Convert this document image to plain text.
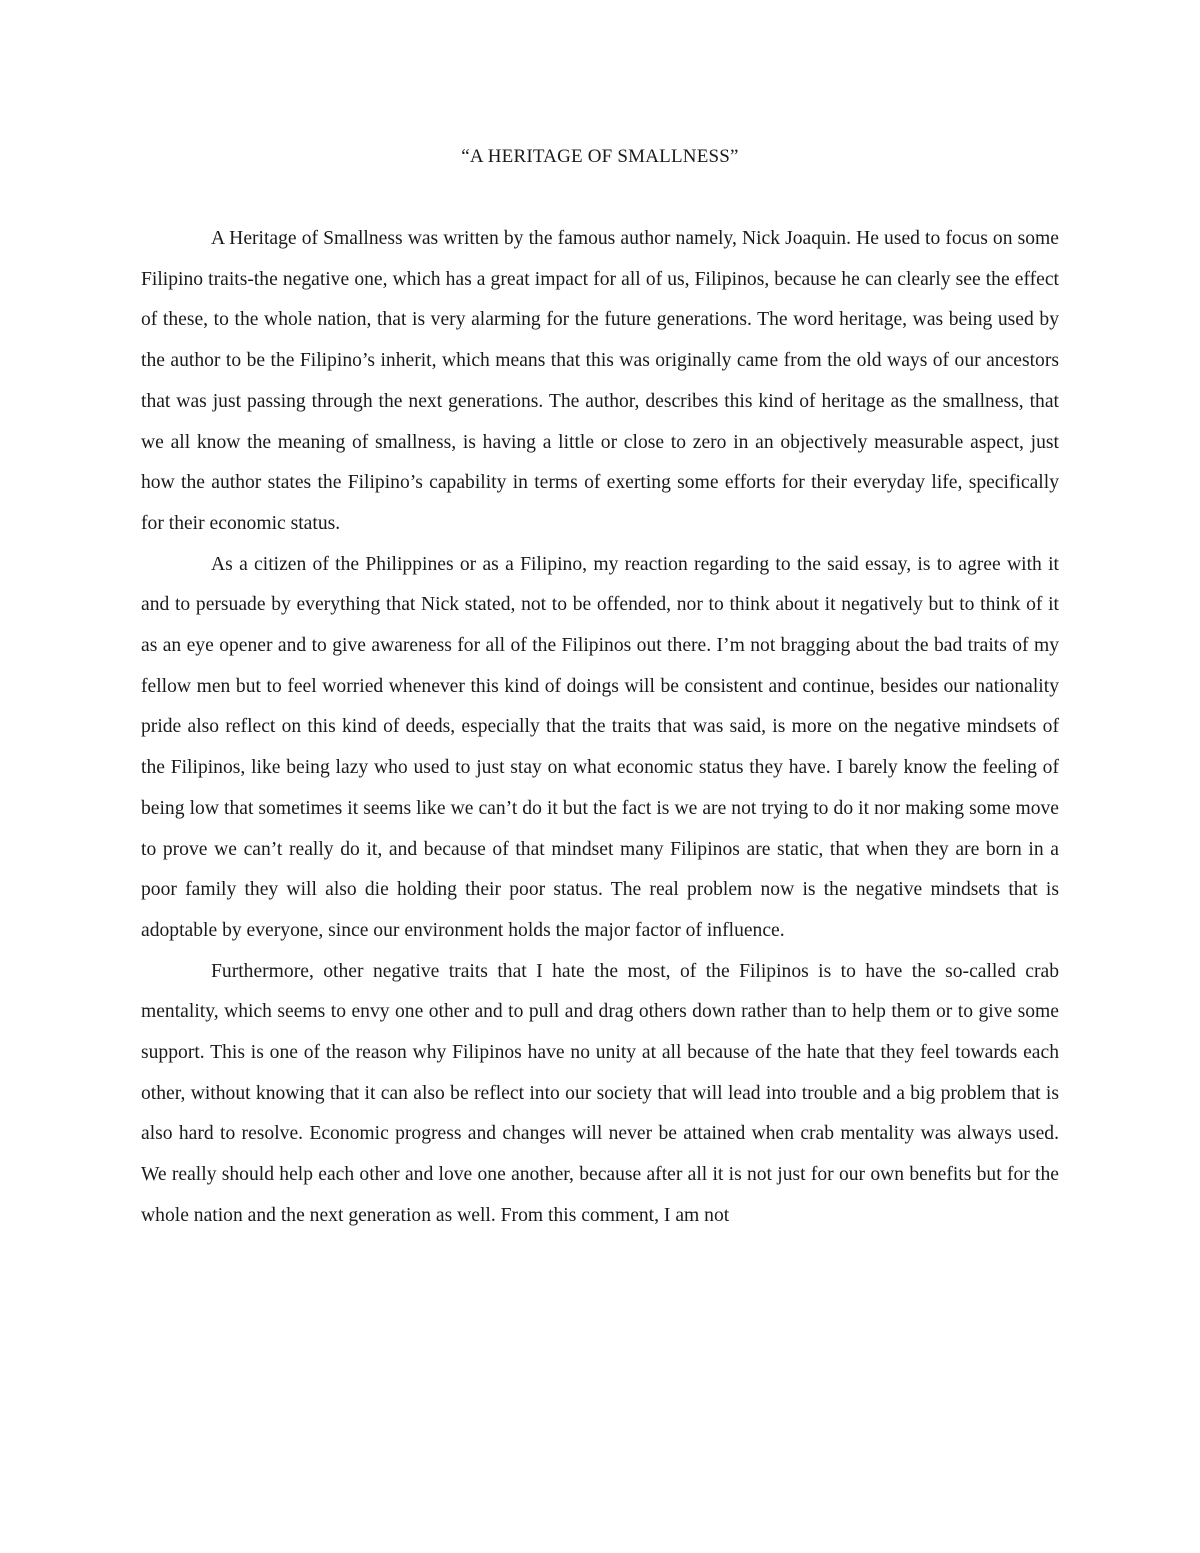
“A HERITAGE OF SMALLNESS”

A Heritage of Smallness was written by the famous author namely, Nick Joaquin. He used to focus on some Filipino traits-the negative one, which has a great impact for all of us, Filipinos, because he can clearly see the effect of these, to the whole nation, that is very alarming for the future generations. The word heritage, was being used by the author to be the Filipino’s inherit, which means that this was originally came from the old ways of our ancestors that was just passing through the next generations. The author, describes this kind of heritage as the smallness, that we all know the meaning of smallness, is having a little or close to zero in an objectively measurable aspect, just how the author states the Filipino’s capability in terms of exerting some efforts for their everyday life, specifically for their economic status.

As a citizen of the Philippines or as a Filipino, my reaction regarding to the said essay, is to agree with it and to persuade by everything that Nick stated, not to be offended, nor to think about it negatively but to think of it as an eye opener and to give awareness for all of the Filipinos out there. I’m not bragging about the bad traits of my fellow men but to feel worried whenever this kind of doings will be consistent and continue, besides our nationality pride also reflect on this kind of deeds, especially that the traits that was said, is more on the negative mindsets of the Filipinos, like being lazy who used to just stay on what economic status they have. I barely know the feeling of being low that sometimes it seems like we can’t do it but the fact is we are not trying to do it nor making some move to prove we can’t really do it, and because of that mindset many Filipinos are static, that when they are born in a poor family they will also die holding their poor status. The real problem now is the negative mindsets that is adoptable by everyone, since our environment holds the major factor of influence.

Furthermore, other negative traits that I hate the most, of the Filipinos is to have the so-called crab mentality, which seems to envy one other and to pull and drag others down rather than to help them or to give some support. This is one of the reason why Filipinos have no unity at all because of the hate that they feel towards each other, without knowing that it can also be reflect into our society that will lead into trouble and a big problem that is also hard to resolve. Economic progress and changes will never be attained when crab mentality was always used. We really should help each other and love one another, because after all it is not just for our own benefits but for the whole nation and the next generation as well. From this comment, I am not
